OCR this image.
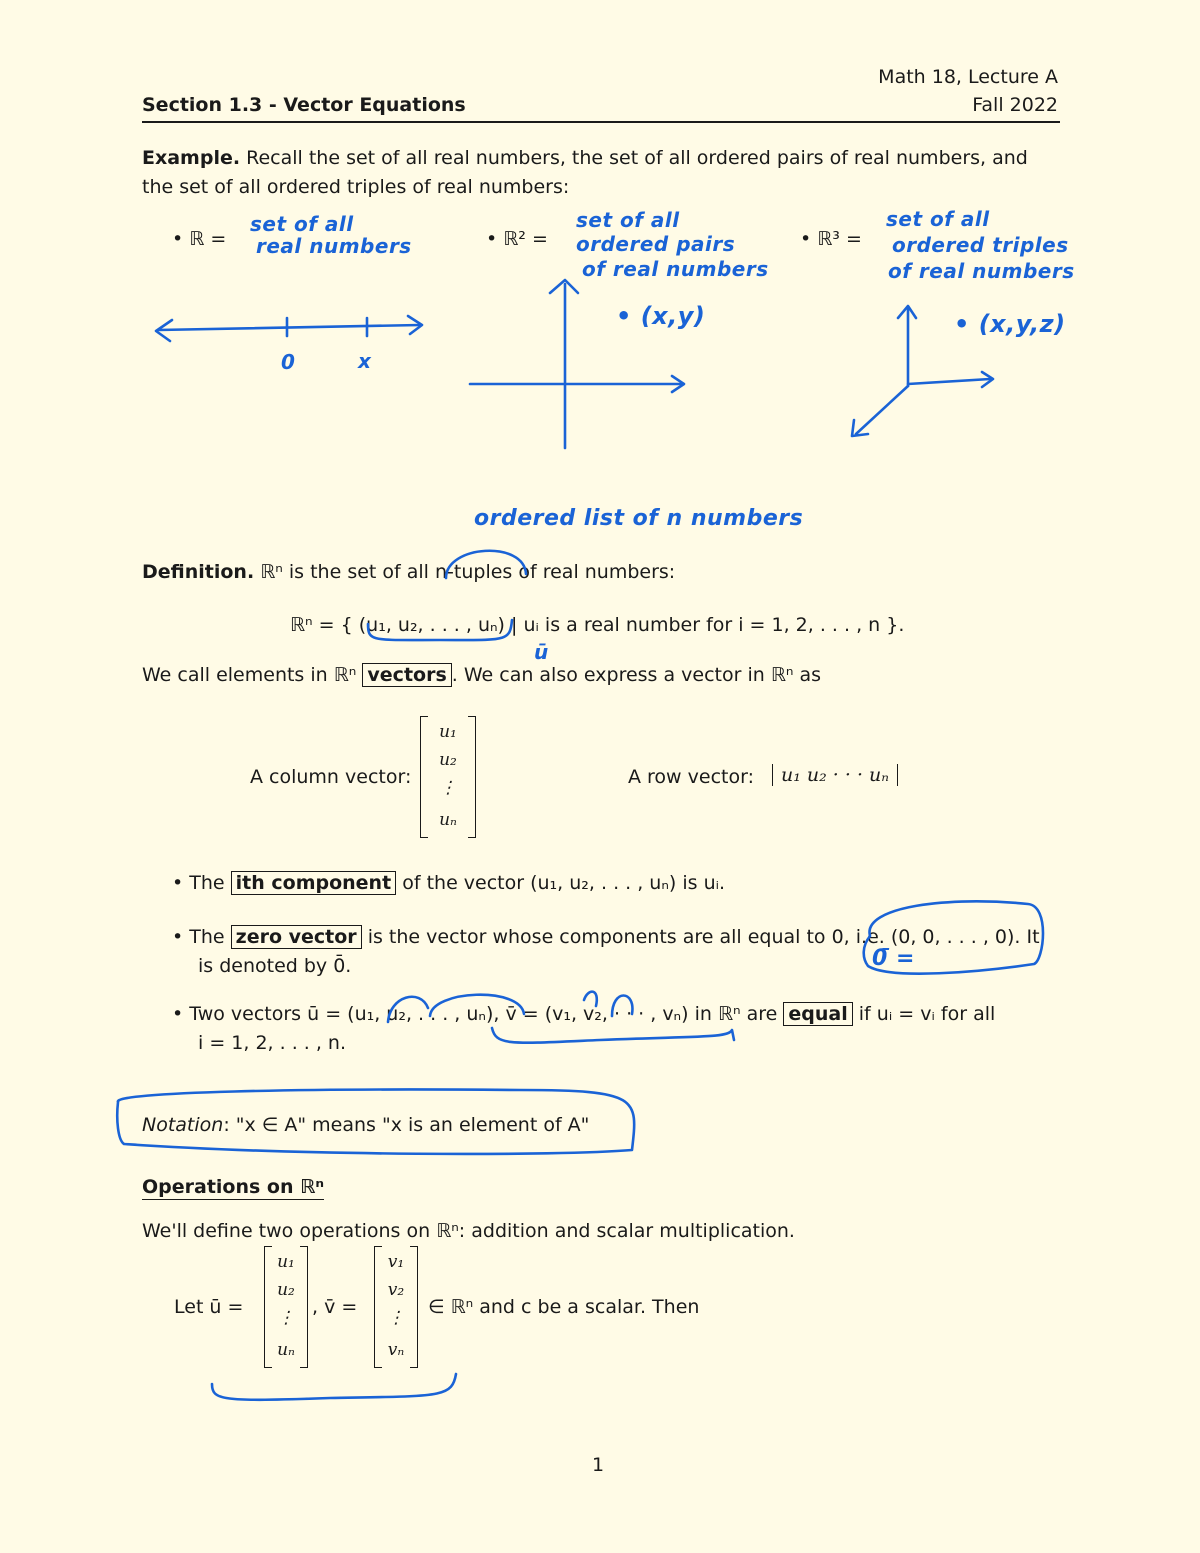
Math 18, Lecture A
Section 1.3 - Vector Equations	Fall 2022
Example. Recall the set of all real numbers, the set of all ordered pairs of real numbers, and
the set of all ordered triples of real numbers:
• ℝ =	• ℝ² =	• ℝ³ =
set of all
real numbers
set of all
ordered pairs
of real numbers
set of all
ordered triples
of real numbers
0	x
• (x,y)	• (x,y,z)
ordered list of n numbers
Definition. ℝⁿ is the set of all n-tuples of real numbers:
ℝⁿ = { (u₁, u₂, . . . , uₙ) | uᵢ is a real number for i = 1, 2, . . . , n }.
ū
We call elements in ℝⁿ vectors . We can also express a vector in ℝⁿ as
A column vector:
u₁
u₂
⋮
uₙ
A row vector:	u₁ u₂ · · · uₙ
• The ith component of the vector (u₁, u₂, . . . , uₙ) is uᵢ.
• The zero vector is the vector whose components are all equal to 0, i.e. (0, 0, . . . , 0). It
is denoted by 0̄.	0̄ =
• Two vectors ū = (u₁, u₂, . . . , uₙ), v̄ = (v₁, v₂, · · · , vₙ) in ℝⁿ are equal if uᵢ = vᵢ for all
i = 1, 2, . . . , n.
Notation: "x ∈ A" means "x is an element of A"
Operations on ℝⁿ
We'll define two operations on ℝⁿ: addition and scalar multiplication.
Let ū =
u₁
u₂
⋮
uₙ
, v̄ =
v₁
v₂
⋮
vₙ
∈ ℝⁿ and c be a scalar. Then
1
